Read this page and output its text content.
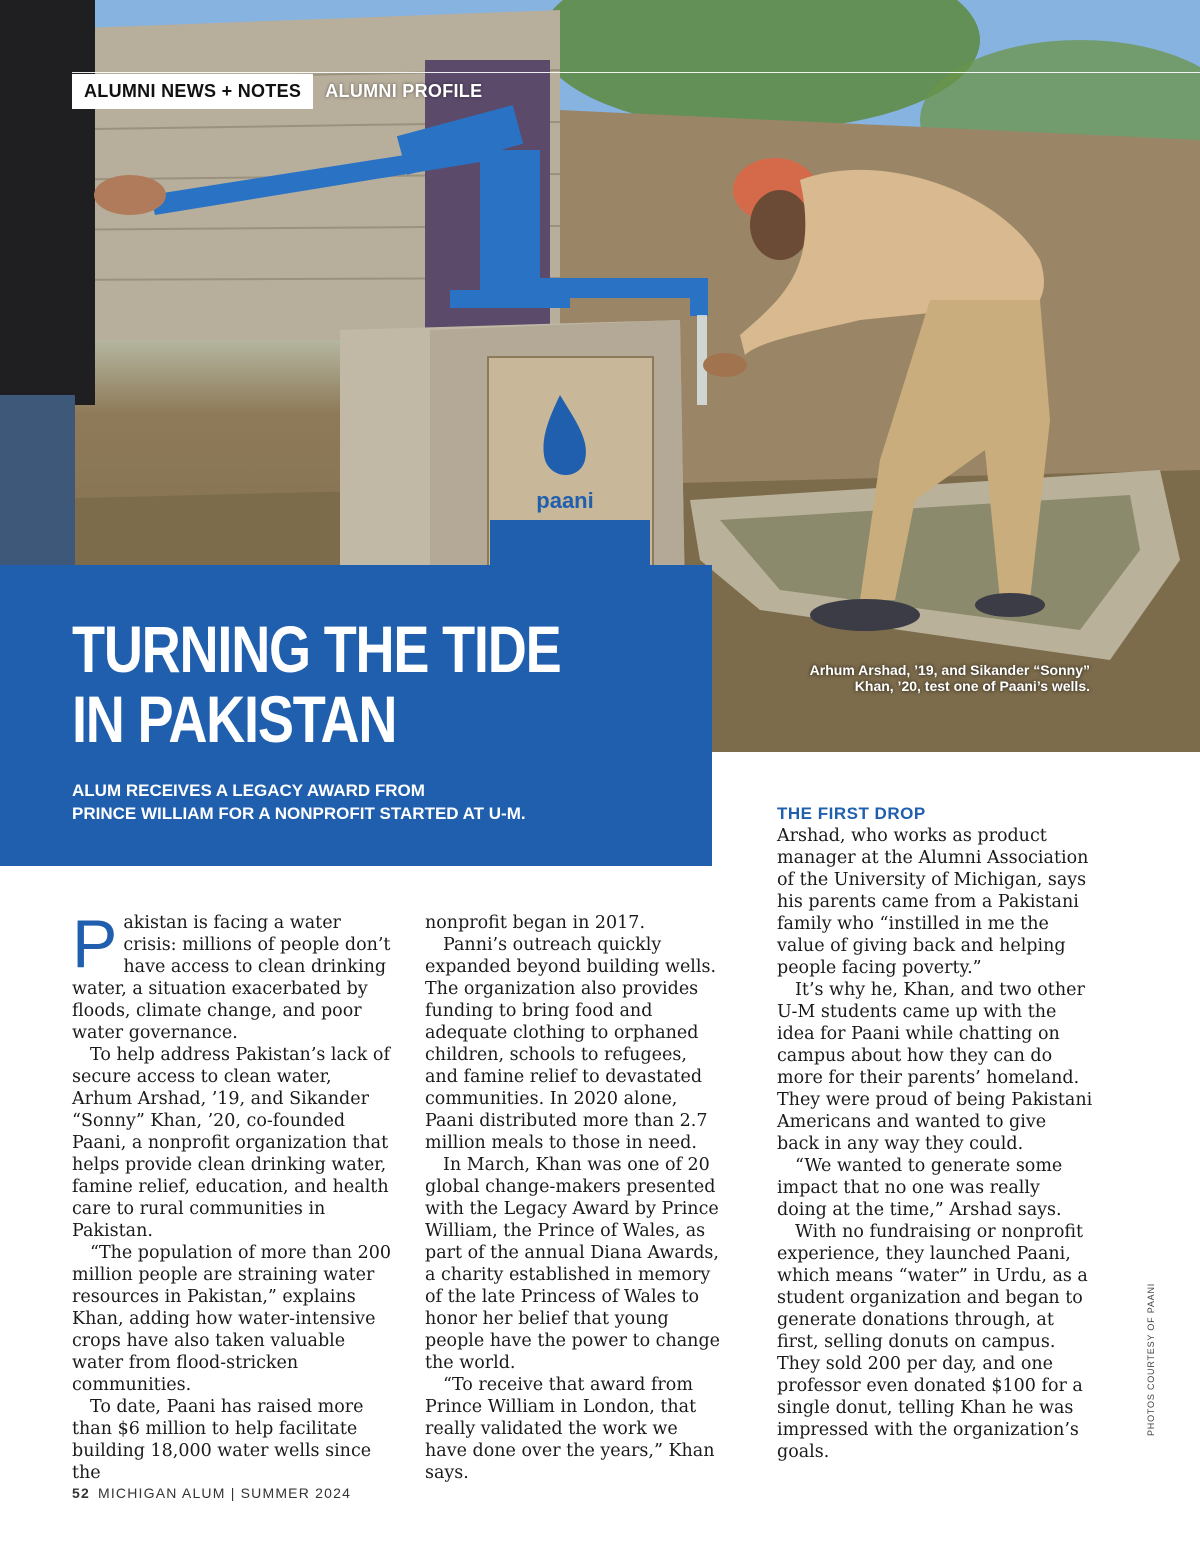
paani
ALUMNI NEWS + NOTES	ALUMNI PROFILE
Arhum Arshad, ’19, and Sikander “Sonny” Khan, ’20, test one of Paani’s wells.
TURNING THE TIDE
IN PAKISTAN
ALUM RECEIVES A LEGACY AWARD FROM
PRINCE WILLIAM FOR A NONPROFIT STARTED AT U-M.

Pakistan is facing a water crisis: millions of people don’t have access to clean drinking water, a situation exacerbated by floods, climate change, and poor water governance.

To help address Pakistan’s lack of secure access to clean water, Arhum Arshad, ’19, and Sikander “Sonny” Khan, ’20, co-founded Paani, a nonprofit organization that helps provide clean drinking water, famine relief, education, and health care to rural communities in Pakistan.

“The population of more than 200 million people are straining water resources in Pakistan,” explains Khan, adding how water-intensive crops have also taken valuable water from flood-stricken communities.

To date, Paani has raised more than $6 million to help facilitate building 18,000 water wells since the

nonprofit began in 2017.

Panni’s outreach quickly expanded beyond building wells. The organization also provides funding to bring food and adequate clothing to orphaned children, schools to refugees, and famine relief to devastated communities. In 2020 alone, Paani distributed more than 2.7 million meals to those in need.

In March, Khan was one of 20 global change-makers presented with the Legacy Award by Prince William, the Prince of Wales, as part of the annual Diana Awards, a charity established in memory of the late Princess of Wales to honor her belief that young people have the power to change the world.

“To receive that award from Prince William in London, that really validated the work we have done over the years,” Khan says.

THE FIRST DROP

Arshad, who works as product manager at the Alumni Association of the University of Michigan, says his parents came from a Pakistani family who “instilled in me the value of giving back and helping people facing poverty.”

It’s why he, Khan, and two other U-M students came up with the idea for Paani while chatting on campus about how they can do more for their parents’ homeland. They were proud of being Pakistani Americans and wanted to give back in any way they could.

“We wanted to generate some impact that no one was really doing at the time,” Arshad says.

With no fundraising or nonprofit experience, they launched Paani, which means “water” in Urdu, as a student organization and began to generate donations through, at first, selling donuts on campus. They sold 200 per day, and one professor even donated $100 for a single donut, telling Khan he was impressed with the organization’s goals.

52 MICHIGAN ALUM | SUMMER 2024
PHOTOS COURTESY OF PAANI
